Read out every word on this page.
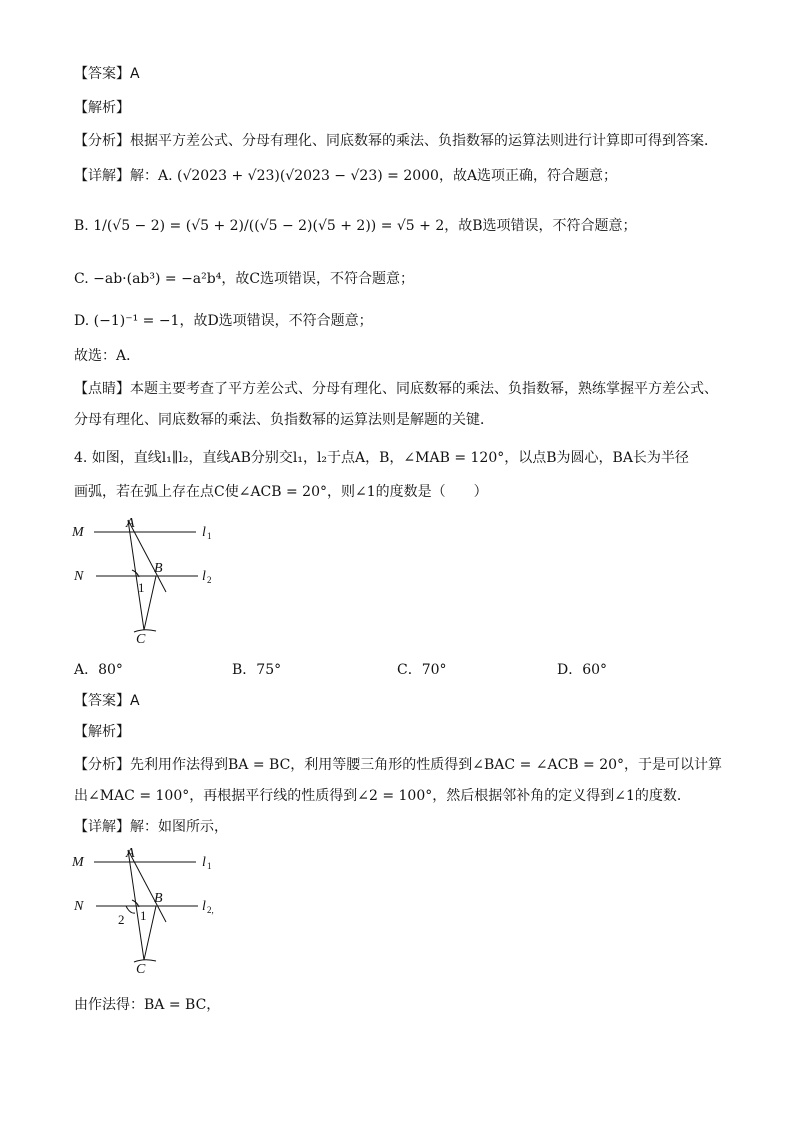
【答案】A
【解析】
【分析】根据平方差公式、分母有理化、同底数幂的乘法、负指数幂的运算法则进行计算即可得到答案．
【详解】解：A. (√2023 + √23)(√2023 − √23) = 2000，故A选项正确，符合题意；
B. 1/(√5 − 2) = (√5 + 2)/((√5 − 2)(√5 + 2)) = √5 + 2，故B选项错误，不符合题意；
C. −ab·(ab³) = −a²b⁴，故C选项错误，不符合题意；
D. (−1)⁻¹ = −1，故D选项错误，不符合题意；
故选：A．
【点睛】本题主要考查了平方差公式、分母有理化、同底数幂的乘法、负指数幂，熟练掌握平方差公式、
分母有理化、同底数幂的乘法、负指数幂的运算法则是解题的关键．
4. 如图，直线l₁∥l₂，直线AB分别交l₁，l₂于点A，B，∠MAB = 120°，以点B为圆心，BA长为半径
画弧，若在弧上存在点C使∠ACB = 20°，则∠1的度数是（　　）
M
A
l 1
N
B
l 2
1
C
A．80°	B．75°	C．70°	D．60°
【答案】A
【解析】
【分析】先利用作法得到BA = BC，利用等腰三角形的性质得到∠BAC = ∠ACB = 20°，于是可以计算
出∠MAC = 100°，再根据平行线的性质得到∠2 = 100°，然后根据邻补角的定义得到∠1的度数．
【详解】解：如图所示，
M
A
l 1
N
B
l 2,
1
2
C
由作法得：BA = BC，
